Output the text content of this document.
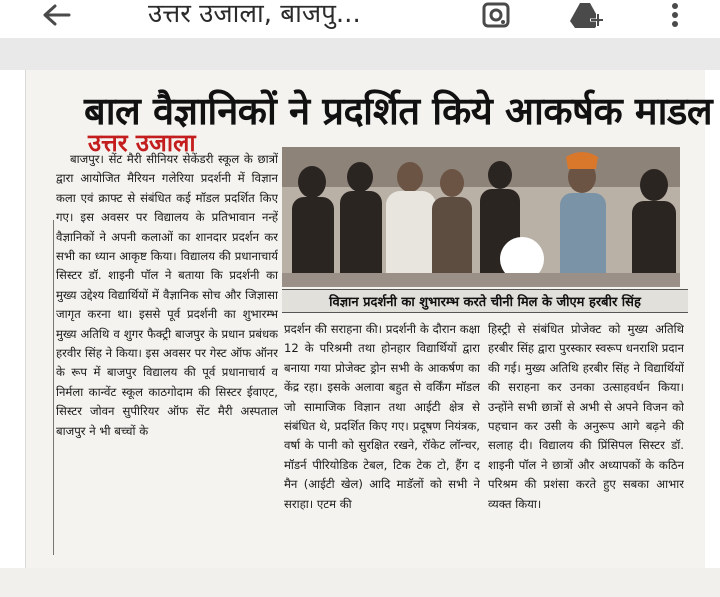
उत्तर उजाला, बाजपु...
बाल वैज्ञानिकों ने प्रदर्शित किये आकर्षक माडल
उत्तर उजाला

बाजपुर। सेंट मैरी सीनियर सेकेंडरी स्कूल के छात्रों द्वारा आयोजित मैरियन गलेरिया प्रदर्शनी में विज्ञान कला एवं क्राफ्ट से संबंधित कई मॉडल प्रदर्शित किए गए। इस अवसर पर विद्यालय के प्रतिभावान नन्हें वैज्ञानिकों ने अपनी कलाओं का शानदार प्रदर्शन कर सभी का ध्यान आकृष्ट किया। विद्यालय की प्रधानाचार्य सिस्टर डॉ. शाइनी पॉल ने बताया कि प्रदर्शनी का मुख्य उद्देश्य विद्यार्थियों में वैज्ञानिक सोच और जिज्ञासा जागृत करना था। इससे पूर्व प्रदर्शनी का शुभारम्भ मुख्य अतिथि व शुगर फैक्ट्री बाजपुर के प्रधान प्रबंधक हरवीर सिंह ने किया। इस अवसर पर गेस्ट ऑफ ऑनर के रूप में बाजपुर विद्यालय की पूर्व प्रधानाचार्य व निर्मला कान्वेंट स्कूल काठगोदाम की सिस्टर ईवाएट, सिस्टर जोवन सुपीरियर ऑफ सेंट मैरी अस्पताल बाजपुर ने भी बच्चों के

विज्ञान प्रदर्शनी का शुभारम्भ करते चीनी मिल के जीएम हरबीर सिंह

प्रदर्शन की सराहना की। प्रदर्शनी के दौरान कक्षा 12 के परिश्रमी तथा होनहार विद्यार्थियों द्वारा बनाया गया प्रोजेक्ट ड्रोन सभी के आकर्षण का केंद्र रहा। इसके अलावा बहुत से वर्किंग मॉडल जो सामाजिक विज्ञान तथा आईटी क्षेत्र से संबंधित थे, प्रदर्शित किए गए। प्रदूषण नियंत्रक, वर्षा के पानी को सुरक्षित रखने, रॉकेट लॉन्चर, मॉडर्न पीरियोडिक टेबल, टिक टेक टो, हैंग द मैन (आईटी खेल) आदि माडॅलों को सभी ने सराहा। एटम की

हिस्ट्री से संबंधित प्रोजेक्ट को मुख्य अतिथि हरबीर सिंह द्वारा पुरस्कार स्वरूप धनराशि प्रदान की गई। मुख्य अतिथि हरबीर सिंह ने विद्यार्थियों की सराहना कर उनका उत्साहवर्धन किया। उन्होंने सभी छात्रों से अभी से अपने विजन को पहचान कर उसी के अनुरूप आगे बढ़ने की सलाह दी। विद्यालय की प्रिंसिपल सिस्टर डॉ. शाइनी पॉल ने छात्रों और अध्यापकों के कठिन परिश्रम की प्रशंसा करते हुए सबका आभार व्यक्त किया।
